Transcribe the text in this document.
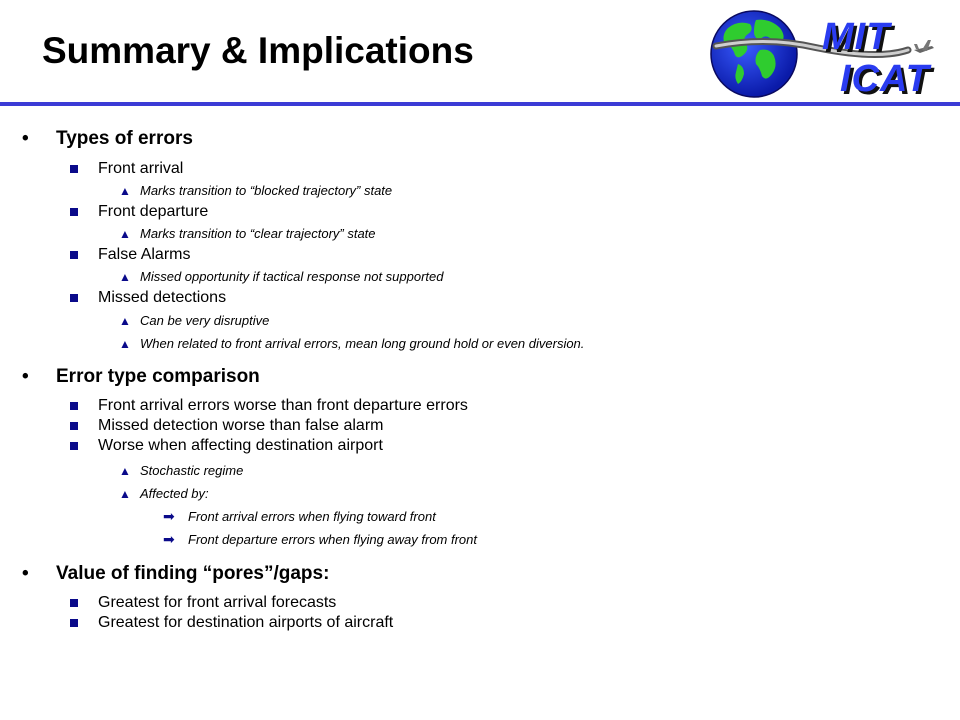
Summary & Implications	MIT
ICAT
• Types of errors
Front arrival
▲ Marks transition to “blocked trajectory” state
Front departure
▲ Marks transition to “clear trajectory” state
False Alarms
▲ Missed opportunity if tactical response not supported
Missed detections
▲ Can be very disruptive
▲ When related to front arrival errors, mean long ground hold or even diversion.
• Error type comparison
Front arrival errors worse than front departure errors
Missed detection worse than false alarm
Worse when affecting destination airport
▲ Stochastic regime
▲ Affected by:
➡ Front arrival errors when flying toward front
➡ Front departure errors when flying away from front
• Value of finding “pores”/gaps:
Greatest for front arrival forecasts
Greatest for destination airports of aircraft
